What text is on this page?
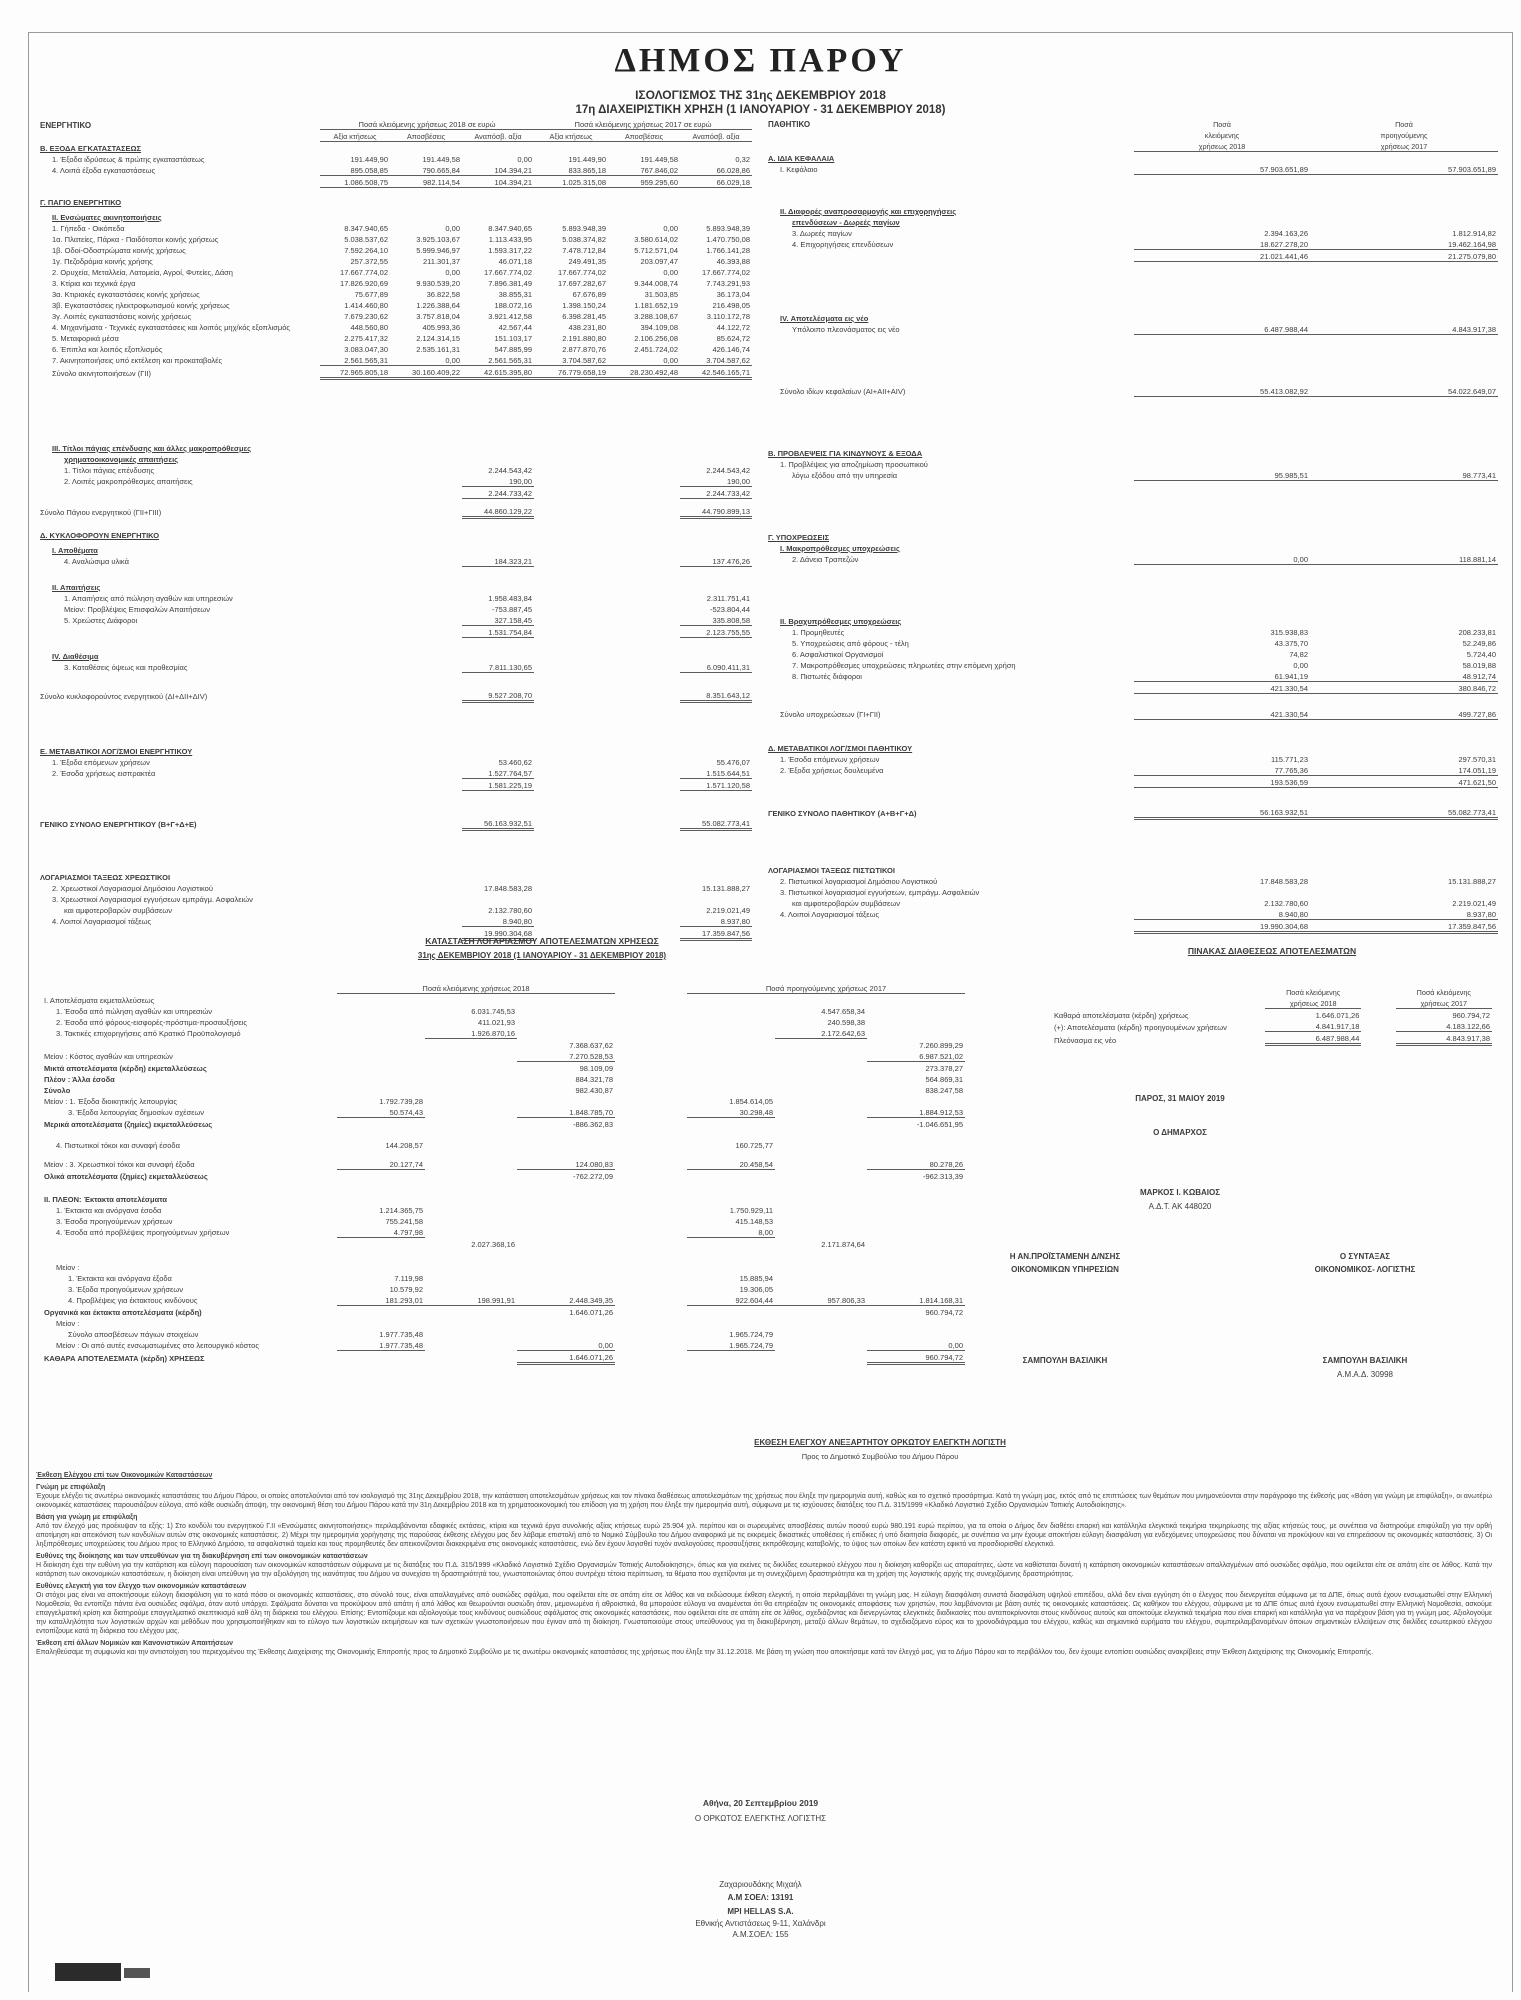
ΔΗΜΟΣ ΠΑΡΟΥ
ΙΣΟΛΟΓΙΣΜΟΣ ΤΗΣ 31ης ΔΕΚΕΜΒΡΙΟΥ 2018
17η ΔΙΑΧΕΙΡΙΣΤΙΚΗ ΧΡΗΣΗ (1 ΙΑΝΟΥΑΡΙΟΥ - 31 ΔΕΚΕΜΒΡΙΟΥ 2018)
ΕΝΕΡΓΗΤΙΚΟ	Ποσά κλειόμενης χρήσεως 2018 σε ευρώ			Ποσά κλειόμενης χρήσεως 2017 σε ευρώ		
	Αξία κτήσεως	Αποσβέσεις	Αναπόσβ. αξία	Αξία κτήσεως	Αποσβέσεις	Αναπόσβ. αξία
Β. ΕΞΟΔΑ ΕΓΚΑΤΑΣΤΑΣΕΩΣ						
1. Έξοδα ιδρύσεως & πρώτης εγκαταστάσεως	191.449,90	191.449,58	0,00	191.449,90	191.449,58	0,32
4. Λοιπά έξοδα εγκαταστάσεως	895.058,85	790.665,84	104.394,21	833.865,18	767.846,02	66.028,86
	1.086.508,75	982.114,54	104.394,21	1.025.315,08	959.295,60	66.029,18

Γ. ΠΑΓΙΟ ΕΝΕΡΓΗΤΙΚΟ						

ΙΙ. Ενσώματες ακινητοποιήσεις						
1. Γήπεδα - Οικόπεδα	8.347.940,65	0,00	8.347.940,65	5.893.948,39	0,00	5.893.948,39
1α. Πλατείες, Πάρκα - Παιδότοποι κοινής χρήσεως	5.038.537,62	3.925.103,67	1.113.433,95	5.038.374,82	3.580.614,02	1.470.750,08
1β. Οδοί-Οδοστρώματα κοινής χρήσεως	7.592.264,10	5.999.946,97	1.593.317,22	7.478.712,84	5.712.571,04	1.766.141,28
1γ. Πεζοδρόμια κοινής χρήσης	257.372,55	211.301,37	46.071,18	249.491,35	203.097,47	46.393,88
2. Ορυχεία, Μεταλλεία, Λατομεία, Αγροί, Φυτείες, Δάση	17.667.774,02	0,00	17.667.774,02	17.667.774,02	0,00	17.667.774,02
3. Κτίρια και τεχνικά έργα	17.826.920,69	9.930.539,20	7.896.381,49	17.697.282,67	9.344.008,74	7.743.291,93
3α. Κτιριακές εγκαταστάσεις κοινής χρήσεως	75.677,89	36.822,58	38.855,31	67.676,89	31.503,85	36.173,04
3β. Εγκαταστάσεις ηλεκτροφωτισμού κοινής χρήσεως	1.414.460,80	1.226.388,64	188.072,16	1.398.150,24	1.181.652,19	216.498,05
3γ. Λοιπές εγκαταστάσεις κοινής χρήσεως	7.679.230,62	3.757.818,04	3.921.412,58	6.398.281,45	3.288.108,67	3.110.172,78
4. Μηχανήματα - Τεχνικές εγκαταστάσεις και λοιπός μηχ/κός εξοπλισμός	448.560,80	405.993,36	42.567,44	438.231,80	394.109,08	44.122,72
5. Μεταφορικά μέσα	2.275.417,32	2.124.314,15	151.103,17	2.191.880,80	2.106.256,08	85.624,72
6. Έπιπλα και λοιπός εξοπλισμός	3.083.047,30	2.535.161,31	547.885,99	2.877.870,76	2.451.724,02	426.146,74
7. Ακινητοποιήσεις υπό εκτέλεση και προκαταβολές	2.561.565,31	0,00	2.561.565,31	3.704.587,62	0,00	3.704.587,62
Σύνολο ακινητοποιήσεων (ΓΙΙ)	72.965.805,18	30.160.409,22	42.615.395,80	76.779.658,19	28.230.492,48	42.546.165,71

ΙΙΙ. Τίτλοι πάγιας επένδυσης και άλλες μακροπρόθεσμες						
χρηματοοικονομικές απαιτήσεις						
1. Τίτλοι πάγιας επένδυσης			2.244.543,42			2.244.543,42
2. Λοιπές μακροπρόθεσμες απαιτήσεις			190,00			190,00
			2.244.733,42			2.244.733,42

Σύνολο Πάγιου ενεργητικού (ΓΙΙ+ΓΙΙΙ)			44.860.129,22			44.790.899,13

Δ. ΚΥΚΛΟΦΟΡΟΥΝ ΕΝΕΡΓΗΤΙΚΟ						

Ι. Αποθέματα						
4. Αναλώσιμα υλικά			184.323,21			137.476,26

ΙΙ. Απαιτήσεις						
1. Απαιτήσεις από πώληση αγαθών και υπηρεσιών			1.958.483,84			2.311.751,41
Μείον: Προβλέψεις Επισφαλών Απαιτήσεων			-753.887,45			-523.804,44
5. Χρεώστες Διάφοροι			327.158,45			335.808,58
			1.531.754,84			2.123.755,55

ΙV. Διαθέσιμα						
3. Καταθέσεις όψεως και προθεσμίας			7.811.130,65			6.090.411,31

Σύνολο κυκλοφορούντος ενεργητικού (ΔΙ+ΔΙΙ+ΔΙV)			9.527.208,70			8.351.643,12

Ε. ΜΕΤΑΒΑΤΙΚΟΙ ΛΟΓ/ΣΜΟΙ ΕΝΕΡΓΗΤΙΚΟΥ						
1. Έξοδα επόμενων χρήσεων			53.460,62			55.476,07
2. Έσοδα χρήσεως εισπρακτέα			1.527.764,57			1.515.644,51
			1.581.225,19			1.571.120,58

ΓΕΝΙΚΟ ΣΥΝΟΛΟ ΕΝΕΡΓΗΤΙΚΟΥ (Β+Γ+Δ+Ε)			56.163.932,51			55.082.773,41

ΛΟΓΑΡΙΑΣΜΟΙ ΤΑΞΕΩΣ ΧΡΕΩΣΤΙΚΟΙ						
2. Χρεωστικοί Λογαριασμοί Δημόσιου Λογιστικού			17.848.583,28			15.131.888,27
3. Χρεωστικοί Λογαριασμοί εγγυήσεων εμπράγμ. Ασφαλειών						
και αμφοτεροβαρών συμβάσεων			2.132.780,60			2.219.021,49
4. Λοιποί Λογαριασμοί τάξεως			8.940,80			8.937,80
			19.990.304,68			17.359.847,56
ΠΑΘΗΤΙΚΟ	Ποσά	Ποσά
	κλειόμενης	προηγούμενης
	χρήσεως 2018	χρήσεως 2017
Α. ΙΔΙΑ ΚΕΦΑΛΑΙΑ		
Ι. Κεφάλαιο	57.903.651,89	57.903.651,89

ΙΙ. Διαφορές αναπροσαρμογής και επιχορηγήσεις		
επενδύσεων - Δωρεές παγίων		
3. Δωρεές παγίων	2.394.163,26	1.812.914,82
4. Επιχορηγήσεις επενδύσεων	18.627.278,20	19.462.164,98
	21.021.441,46	21.275.079,80

ΙV. Αποτελέσματα εις νέο		
Υπόλοιπο πλεονάσματος εις νέο	6.487.988,44	4.843.917,38

Σύνολο ιδίων κεφαλαίων (ΑΙ+ΑΙΙ+ΑΙV)	55.413.082,92	54.022.649,07

Β. ΠΡΟΒΛΕΨΕΙΣ ΓΙΑ ΚΙΝΔΥΝΟΥΣ & ΕΞΟΔΑ		
1. Προβλέψεις για αποζημίωση προσωπικού		
λόγω εξόδου από την υπηρεσία	95.985,51	98.773,41

Γ. ΥΠΟΧΡΕΩΣΕΙΣ		
Ι. Μακροπρόθεσμες υποχρεώσεις		
2. Δάνεια Τραπεζών	0,00	118.881,14

ΙΙ. Βραχυπρόθεσμες υποχρεώσεις		
1. Προμηθευτές	315.938,83	208.233,81
5. Υποχρεώσεις από φόρους - τέλη	43.375,70	52.249,86
6. Ασφαλιστικοί Οργανισμοί	74,82	5.724,40
7. Μακροπρόθεσμες υποχρεώσεις πληρωτέες στην επόμενη χρήση	0,00	58.019,88
8. Πιστωτές διάφοροι	61.941,19	48.912,74
	421.330,54	380.846,72

Σύνολο υποχρεώσεων (ΓΙ+ΓΙΙ)	421.330,54	499.727,86

Δ. ΜΕΤΑΒΑΤΙΚΟΙ ΛΟΓ/ΣΜΟΙ ΠΑΘΗΤΙΚΟΥ		
1. Έσοδα επόμενων χρήσεων	115.771,23	297.570,31
2. Έξοδα χρήσεως δουλευμένα	77.765,36	174.051,19
	193.536,59	471.621,50

ΓΕΝΙΚΟ ΣΥΝΟΛΟ ΠΑΘΗΤΙΚΟΥ (Α+Β+Γ+Δ)	56.163.932,51	55.082.773,41

ΛΟΓΑΡΙΑΣΜΟΙ ΤΑΞΕΩΣ ΠΙΣΤΩΤΙΚΟΙ		
2. Πιστωτικοί λογαριασμοί Δημόσιου Λογιστικού	17.848.583,28	15.131.888,27
3. Πιστωτικοί λογαριασμοί εγγυήσεων, εμπράγμ. Ασφαλειών		
και αμφοτεροβαρών συμβάσεων	2.132.780,60	2.219.021,49
4. Λοιποί Λογαριασμοί τάξεως	8.940,80	8.937,80
	19.990.304,68	17.359.847,56
ΚΑΤΑΣΤΑΣΗ ΛΟΓΑΡΙΑΣΜΟΥ ΑΠΟΤΕΛΕΣΜΑΤΩΝ ΧΡΗΣΕΩΣ
31ης ΔΕΚΕΜΒΡΙΟΥ 2018 (1 ΙΑΝΟΥΑΡΙΟΥ - 31 ΔΕΚΕΜΒΡΙΟΥ 2018)
	Ποσά κλειόμενης χρήσεως 2018				Ποσά προηγούμενης χρήσεως 2017		
Ι. Αποτελέσματα εκμεταλλεύσεως							
1. Έσοδα από πώληση αγαθών και υπηρεσιών		6.031.745,53				4.547.658,34	
2. Έσοδα από φόρους-εισφορές-πρόστιμα-προσαυξήσεις		411.021,93				240.598,38	
3. Τακτικές επιχορηγήσεις από Κρατικό Προϋπολογισμό		1.926.870,16				2.172.642,63	
			7.368.637,62				7.260.899,29
Μείον : Κόστος αγαθών και υπηρεσιών			7.270.528,53				6.987.521,02
Μικτά αποτελέσματα (κέρδη) εκμεταλλεύσεως			98.109,09				273.378,27
Πλέον : Άλλα έσοδα			884.321,78				564.869,31
Σύνολο			982.430,87				838.247,58
Μείον : 1. Έξοδα διοικητικής λειτουργίας	1.792.739,28				1.854.614,05		
3. Έξοδα λειτουργίας δημοσίων σχέσεων	50.574,43		1.848.785,70		30.298,48		1.884.912,53
Μερικά αποτελέσματα (ζημίες) εκμεταλλεύσεως			-886.362,83				-1.046.651,95

4. Πιστωτικοί τόκοι και συναφή έσοδα	144.208,57				160.725,77		

Μείον : 3. Χρεωστικοί τόκοι και συναφή έξοδα	20.127,74		124.080,83		20.458,54		80.278,26
Ολικά αποτελέσματα (ζημίες) εκμεταλλεύσεως			-762.272,09				-962.313,39

ΙΙ. ΠΛΕΟΝ: Έκτακτα αποτελέσματα							
1. Έκτακτα και ανόργανα έσοδα	1.214.365,75				1.750.929,11		
3. Έσοδα προηγούμενων χρήσεων	755.241,58				415.148,53		
4. Έσοδα από προβλέψεις προηγούμενων χρήσεων	4.797,98				8,00		
		2.027.368,16				2.171.874,64	

Μείον :							
1. Έκτακτα και ανόργανα έξοδα	7.119,98				15.885,94		
3. Έξοδα προηγούμενων χρήσεων	10.579,92				19.306,05		
4. Προβλέψεις για έκτακτους κινδύνους	181.293,01	198.991,91	2.448.349,35		922.604,44	957.806,33	1.814.168,31
Οργανικά και έκτακτα αποτελέσματα (κέρδη)			1.646.071,26				960.794,72
Μείον :							
Σύνολο αποσβέσεων πάγιων στοιχείων	1.977.735,48				1.965.724,79		
Μείον : Οι από αυτές ενσωματωμένες στο λειτουργικό κόστος	1.977.735,48		0,00		1.965.724,79		0,00
ΚΑΘΑΡΑ ΑΠΟΤΕΛΕΣΜΑΤΑ (κέρδη) ΧΡΗΣΕΩΣ			1.646.071,26				960.794,72
ΠΙΝΑΚΑΣ ΔΙΑΘΕΣΕΩΣ ΑΠΟΤΕΛΕΣΜΑΤΩΝ
	Ποσά κλειόμενης		Ποσά κλειόμενης
	χρήσεως 2018		χρήσεως 2017
Καθαρά αποτελέσματα (κέρδη) χρήσεως	1.646.071,26		960.794,72
(+): Αποτελέσματα (κέρδη) προηγουμένων χρήσεων	4.841.917,18		4.183.122,66
Πλεόνασμα εις νέο	6.487.988,44		4.843.917,38
ΠΑΡΟΣ, 31 ΜΑΙΟΥ 2019
Ο ΔΗΜΑΡΧΟΣ
ΜΑΡΚΟΣ Ι. ΚΩΒΑΙΟΣ
Α.Δ.Τ. ΑΚ 448020
Η ΑΝ.ΠΡΟΪΣΤΑΜΕΝΗ Δ/ΝΣΗΣ
ΟΙΚΟΝΟΜΙΚΩΝ ΥΠΗΡΕΣΙΩΝ
ΣΑΜΠΟΥΛΗ ΒΑΣΙΛΙΚΗ
Ο ΣΥΝΤΑΞΑΣ
ΟΙΚΟΝΟΜΙΚΟΣ- ΛΟΓΙΣΤΗΣ
ΣΑΜΠΟΥΛΗ ΒΑΣΙΛΙΚΗ
Α.Μ.Α.Δ. 30998
ΕΚΘΕΣΗ ΕΛΕΓΧΟΥ ΑΝΕΞΑΡΤΗΤΟΥ ΟΡΚΩΤΟΥ ΕΛΕΓΚΤΗ ΛΟΓΙΣΤΗ
Προς το Δημοτικό Συμβούλιο του Δήμου Πάρου
Έκθεση Ελέγχου επί των Οικονομικών Καταστάσεων
Γνώμη με επιφύλαξη

Έχουμε ελέγξει τις ανωτέρω οικονομικές καταστάσεις του Δήμου Πάρου, οι οποίες αποτελούνται από τον ισολογισμό της 31ης Δεκεμβρίου 2018, την κατάσταση αποτελεσμάτων χρήσεως και τον πίνακα διαθέσεως αποτελεσμάτων της χρήσεως που έληξε την ημερομηνία αυτή, καθώς και το σχετικό προσάρτημα. Κατά τη γνώμη μας, εκτός από τις επιπτώσεις των θεμάτων που μνημονεύονται στην παράγραφο της έκθεσής μας «Βάση για γνώμη με επιφύλαξη», οι ανωτέρω οικονομικές καταστάσεις παρουσιάζουν εύλογα, από κάθε ουσιώδη άποψη, την οικονομική θέση του Δήμου Πάρου κατά την 31η Δεκεμβρίου 2018 και τη χρηματοοικονομική του επίδοση για τη χρήση που έληξε την ημερομηνία αυτή, σύμφωνα με τις ισχύουσες διατάξεις του Π.Δ. 315/1999 «Κλαδικό Λογιστικό Σχέδιο Οργανισμών Τοπικής Αυτοδιοίκησης».

Βάση για γνώμη με επιφύλαξη

Από τον έλεγχό μας προέκυψαν τα εξής: 1) Στο κονδύλι του ενεργητικού Γ.ΙΙ «Ενσώματες ακινητοποιήσεις» περιλαμβάνονται εδαφικές εκτάσεις, κτίρια και τεχνικά έργα συνολικής αξίας κτήσεως ευρώ 25.904 χιλ. περίπου και οι σωρευμένες αποσβέσεις αυτών ποσού ευρώ 980.191 ευρώ περίπου, για τα οποία ο Δήμος δεν διαθέτει επαρκή και κατάλληλα ελεγκτικά τεκμήρια τεκμηρίωσης της αξίας κτήσεώς τους, με συνέπεια να διατηρούμε επιφύλαξη για την ορθή αποτίμηση και απεικόνιση των κονδυλίων αυτών στις οικονομικές καταστάσεις. 2) Μέχρι την ημερομηνία χορήγησης της παρούσας έκθεσης ελέγχου μας δεν λάβαμε επιστολή από το Νομικό Σύμβουλο του Δήμου αναφορικά με τις εκκρεμείς δικαστικές υποθέσεις ή επίδικες ή υπό διαιτησία διαφορές, με συνέπεια να μην έχουμε αποκτήσει εύλογη διασφάλιση για ενδεχόμενες υποχρεώσεις που δύναται να προκύψουν και να επηρεάσουν τις οικονομικές καταστάσεις. 3) Οι ληξιπρόθεσμες υποχρεώσεις του Δήμου προς το Ελληνικό Δημόσιο, τα ασφαλιστικά ταμεία και τους προμηθευτές δεν απεικονίζονται διακεκριμένα στις οικονομικές καταστάσεις, ενώ δεν έχουν λογισθεί τυχόν αναλογούσες προσαυξήσεις εκπρόθεσμης καταβολής, το ύψος των οποίων δεν κατέστη εφικτό να προσδιορισθεί ελεγκτικά.

Ευθύνες της διοίκησης και των υπευθύνων για τη διακυβέρνηση επί των οικονομικών καταστάσεων

Η διοίκηση έχει την ευθύνη για την κατάρτιση και εύλογη παρουσίαση των οικονομικών καταστάσεων σύμφωνα με τις διατάξεις του Π.Δ. 315/1999 «Κλαδικό Λογιστικό Σχέδιο Οργανισμών Τοπικής Αυτοδιοίκησης», όπως και για εκείνες τις δικλίδες εσωτερικού ελέγχου που η διοίκηση καθορίζει ως απαραίτητες, ώστε να καθίσταται δυνατή η κατάρτιση οικονομικών καταστάσεων απαλλαγμένων από ουσιώδες σφάλμα, που οφείλεται είτε σε απάτη είτε σε λάθος. Κατά την κατάρτιση των οικονομικών καταστάσεων, η διοίκηση είναι υπεύθυνη για την αξιολόγηση της ικανότητας του Δήμου να συνεχίσει τη δραστηριότητά του, γνωστοποιώντας όπου συντρέχει τέτοια περίπτωση, τα θέματα που σχετίζονται με τη συνεχιζόμενη δραστηριότητα και τη χρήση της λογιστικής αρχής της συνεχιζόμενης δραστηριότητας.

Ευθύνες ελεγκτή για τον έλεγχο των οικονομικών καταστάσεων

Οι στόχοι μας είναι να αποκτήσουμε εύλογη διασφάλιση για το κατά πόσο οι οικονομικές καταστάσεις, στο σύνολό τους, είναι απαλλαγμένες από ουσιώδες σφάλμα, που οφείλεται είτε σε απάτη είτε σε λάθος και να εκδώσουμε έκθεση ελεγκτή, η οποία περιλαμβάνει τη γνώμη μας. Η εύλογη διασφάλιση συνιστά διασφάλιση υψηλού επιπέδου, αλλά δεν είναι εγγύηση ότι ο έλεγχος που διενεργείται σύμφωνα με τα ΔΠΕ, όπως αυτά έχουν ενσωματωθεί στην Ελληνική Νομοθεσία, θα εντοπίζει πάντα ένα ουσιώδες σφάλμα, όταν αυτό υπάρχει. Σφάλματα δύναται να προκύψουν από απάτη ή από λάθος και θεωρούνται ουσιώδη όταν, μεμονωμένα ή αθροιστικά, θα μπορούσε εύλογα να αναμένεται ότι θα επηρέαζαν τις οικονομικές αποφάσεις των χρηστών, που λαμβάνονται με βάση αυτές τις οικονομικές καταστάσεις. Ως καθήκον του ελέγχου, σύμφωνα με τα ΔΠΕ όπως αυτά έχουν ενσωματωθεί στην Ελληνική Νομοθεσία, ασκούμε επαγγελματική κρίση και διατηρούμε επαγγελματικό σκεπτικισμό καθ όλη τη διάρκεια του ελέγχου. Επίσης: Εντοπίζουμε και αξιολογούμε τους κινδύνους ουσιώδους σφάλματος στις οικονομικές καταστάσεις, που οφείλεται είτε σε απάτη είτε σε λάθος, σχεδιάζοντας και διενεργώντας ελεγκτικές διαδικασίες που ανταποκρίνονται στους κινδύνους αυτούς και αποκτούμε ελεγκτικά τεκμήρια που είναι επαρκή και κατάλληλα για να παρέχουν βάση για τη γνώμη μας. Αξιολογούμε την καταλληλότητα των λογιστικών αρχών και μεθόδων που χρησιμοποιήθηκαν και το εύλογο των λογιστικών εκτιμήσεων και των σχετικών γνωστοποιήσεων που έγιναν από τη διοίκηση. Γνωστοποιούμε στους υπεύθυνους για τη διακυβέρνηση, μεταξύ άλλων θεμάτων, το σχεδιαζόμενο εύρος και το χρονοδιάγραμμα του ελέγχου, καθώς και σημαντικά ευρήματα του ελέγχου, συμπεριλαμβανομένων όποιων σημαντικών ελλείψεων στις δικλίδες εσωτερικού ελέγχου εντοπίζουμε κατά τη διάρκεια του ελέγχου μας.

Έκθεση επί άλλων Νομικών και Κανονιστικών Απαιτήσεων

Επαληθεύσαμε τη συμφωνία και την αντιστοίχιση του περιεχομένου της Έκθεσης Διαχείρισης της Οικονομικής Επιτροπής προς το Δημοτικό Συμβούλιο με τις ανωτέρω οικονομικές καταστάσεις της χρήσεως που έληξε την 31.12.2018. Με βάση τη γνώση που αποκτήσαμε κατά τον έλεγχό μας, για το Δήμο Πάρου και το περιβάλλον του, δεν έχουμε εντοπίσει ουσιώδεις ανακρίβειες στην Έκθεση Διαχείρισης της Οικονομικής Επιτροπής.

Αθήνα, 20 Σεπτεμβρίου 2019
Ο ΟΡΚΩΤΟΣ ΕΛΕΓΚΤΗΣ ΛΟΓΙΣΤΗΣ
Ζαχαριουδάκης Μιχαήλ
Α.Μ ΣΟΕΛ: 13191
MPI HELLAS S.A.
Εθνικής Αντιστάσεως 9-11, Χαλάνδρι
Α.Μ.ΣΟΕΛ: 155
